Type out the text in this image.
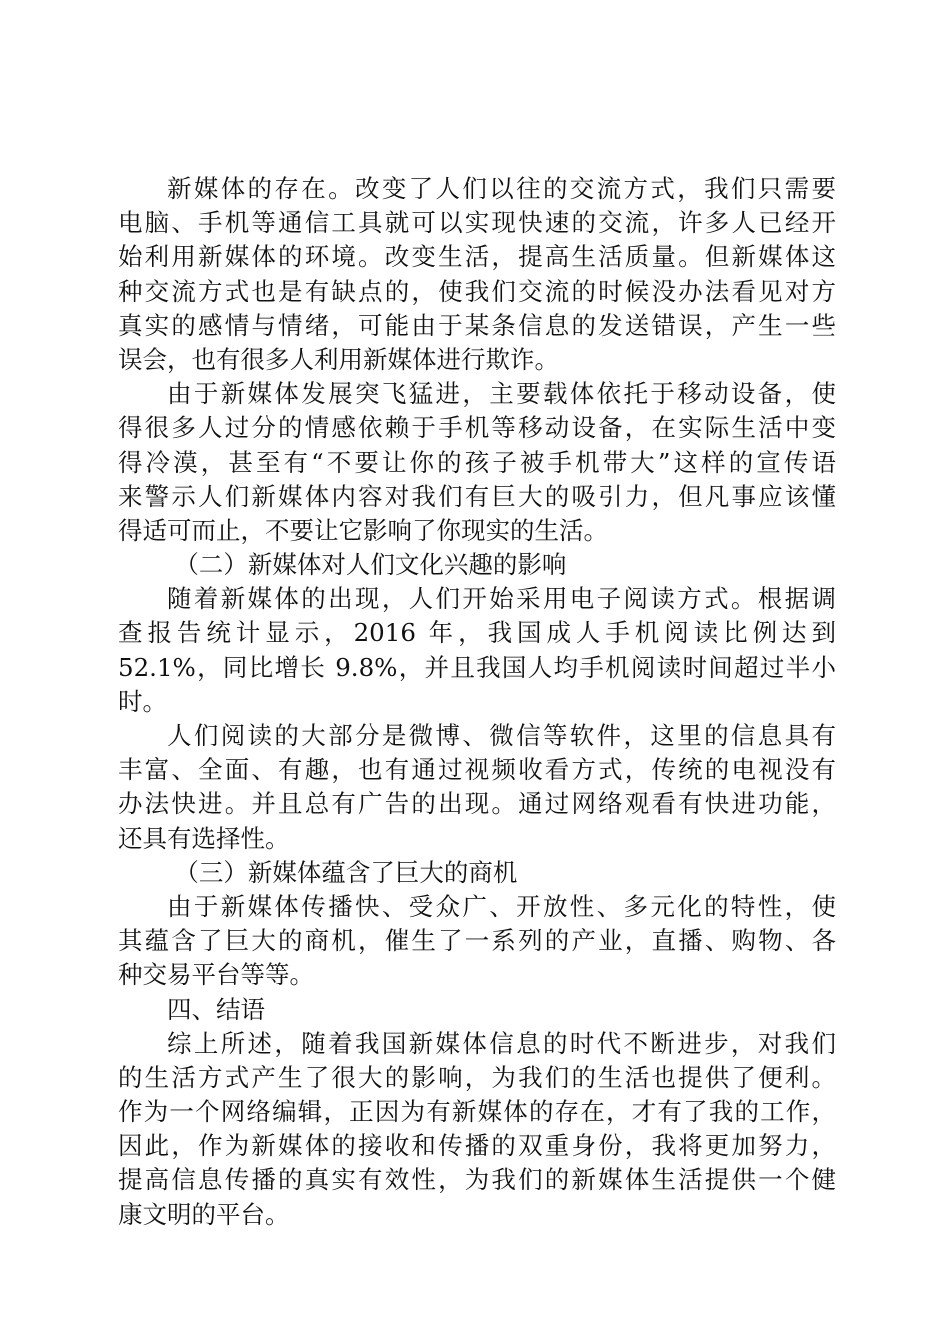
新媒体的存在。改变了人们以往的交流方式，我们只需要
电脑、手机等通信工具就可以实现快速的交流，许多人已经开
始利用新媒体的环境。改变生活，提高生活质量。但新媒体这
种交流方式也是有缺点的，使我们交流的时候没办法看见对方
真实的感情与情绪，可能由于某条信息的发送错误，产生一些
误会，也有很多人利用新媒体进行欺诈。
由于新媒体发展突飞猛进，主要载体依托于移动设备，使
得很多人过分的情感依赖于手机等移动设备，在实际生活中变
得冷漠，甚至有“不要让你的孩子被手机带大”这样的宣传语
来警示人们新媒体内容对我们有巨大的吸引力，但凡事应该懂
得适可而止，不要让它影响了你现实的生活。
（二）新媒体对人们文化兴趣的影响
随着新媒体的出现，人们开始采用电子阅读方式。根据调
查报告统计显示，2016 年，我国成人手机阅读比例达到
52.1%，同比增长 9.8%，并且我国人均手机阅读时间超过半小
时。
人们阅读的大部分是微博、微信等软件，这里的信息具有
丰富、全面、有趣，也有通过视频收看方式，传统的电视没有
办法快进。并且总有广告的出现。通过网络观看有快进功能，
还具有选择性。
（三）新媒体蕴含了巨大的商机
由于新媒体传播快、受众广、开放性、多元化的特性，使
其蕴含了巨大的商机，催生了一系列的产业，直播、购物、各
种交易平台等等。
四、结语
综上所述，随着我国新媒体信息的时代不断进步，对我们
的生活方式产生了很大的影响，为我们的生活也提供了便利。
作为一个网络编辑，正因为有新媒体的存在，才有了我的工作，
因此，作为新媒体的接收和传播的双重身份，我将更加努力，
提高信息传播的真实有效性，为我们的新媒体生活提供一个健
康文明的平台。
